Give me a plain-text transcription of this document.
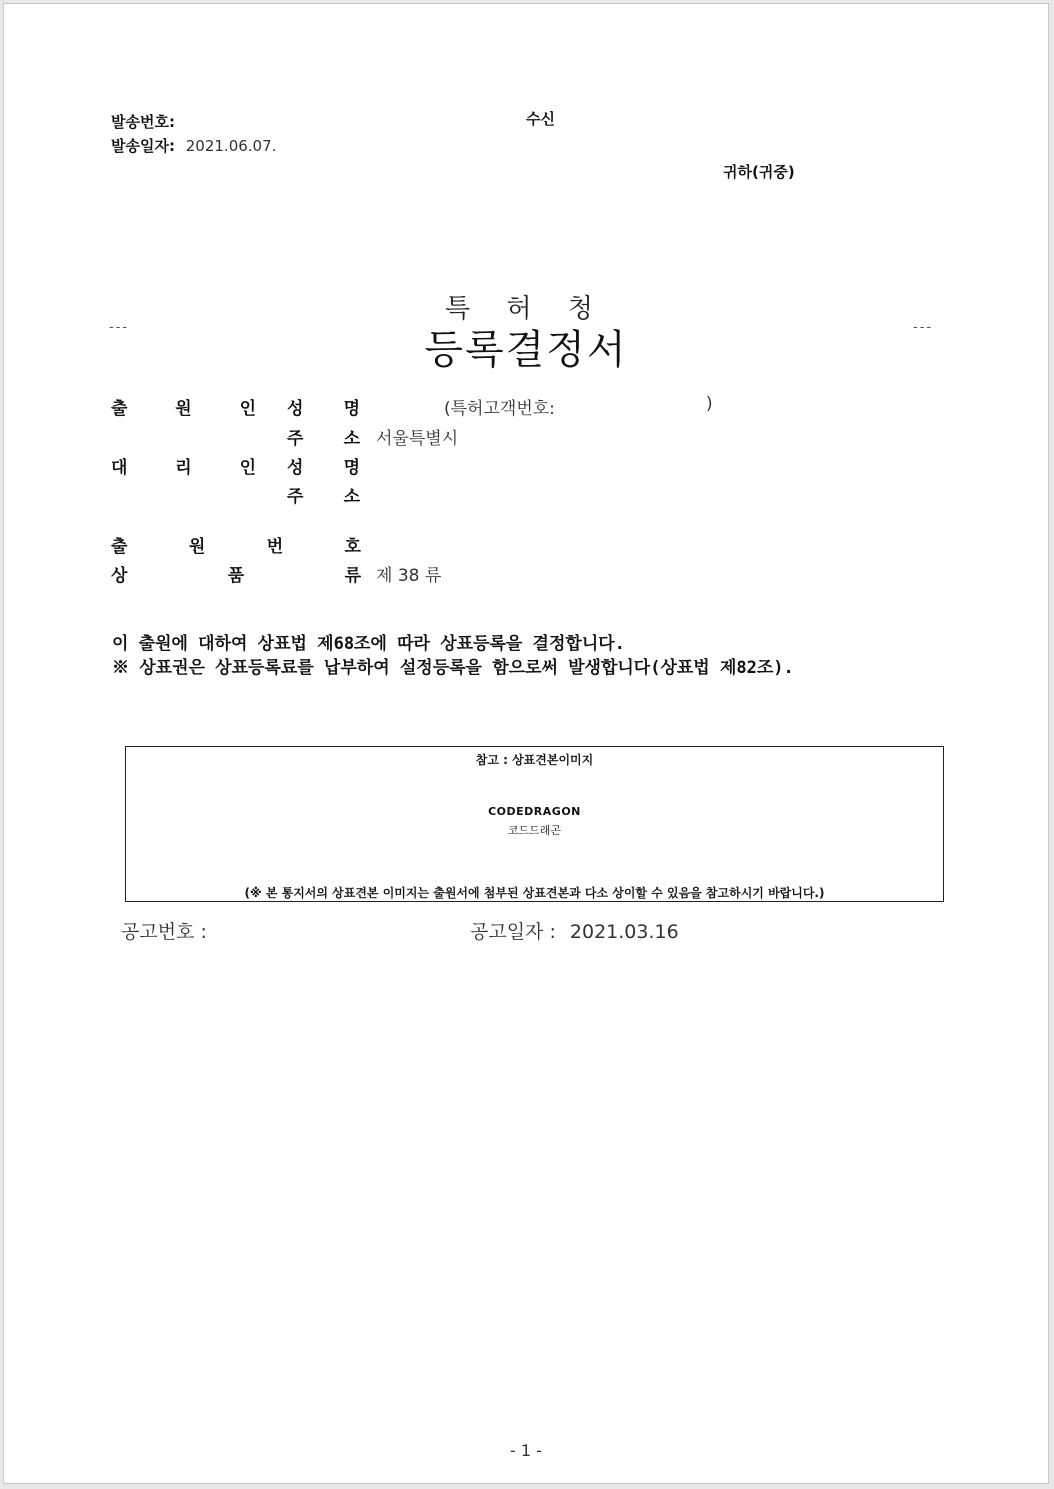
발송번호:
발송일자: 2021.06.07.
수신
귀하(귀중)
특 허 청
---	---
등록결정서
출	원	인 성 명	(특허고객번호:	)
주 소 서울특별시
대	리	인 성 명
주 소
출	원	번	호
상	품	류 제 38 류
이 출원에 대하여 상표법 제68조에 따라 상표등록을 결정합니다.
※ 상표권은 상표등록료를 납부하여 설정등록을 함으로써 발생합니다(상표법 제82조).
참고 : 상표견본이미지
CODEDRAGON
코드드래곤
(※ 본 통지서의 상표견본 이미지는 출원서에 첨부된 상표견본과 다소 상이할 수 있음을 참고하시기 바랍니다.)
공고번호 :	공고일자 : 2021.03.16
- 1 -
